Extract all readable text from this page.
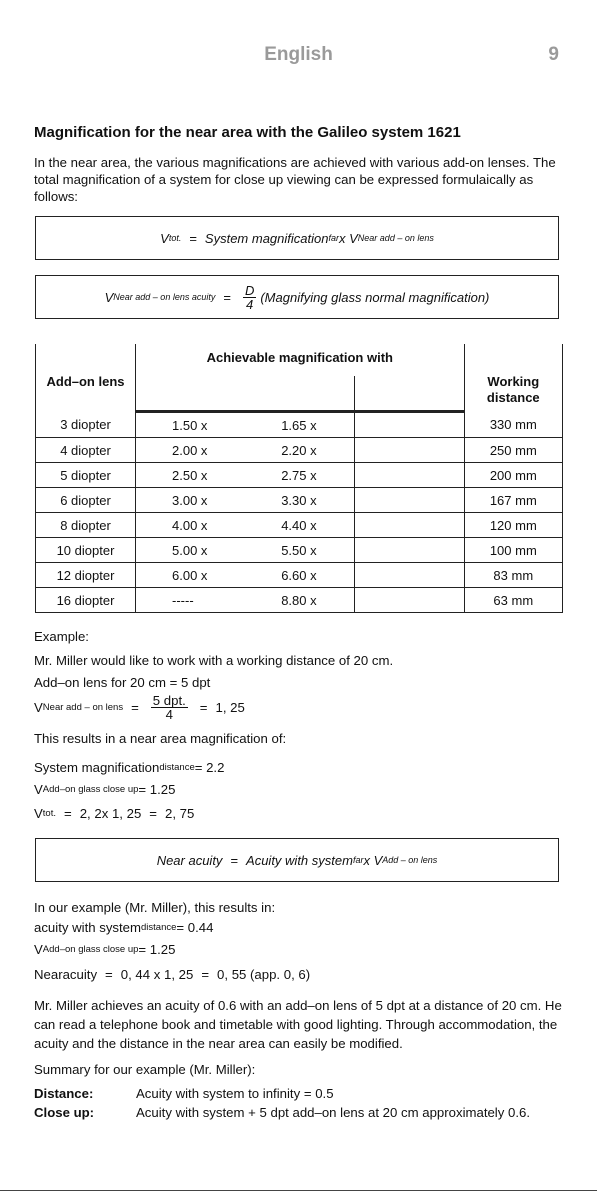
English	9
Magnification for the near area with the Galileo system 1621
In the near area, the various magnifications are achieved with various add-on lenses. The total magnification of a system for close up viewing can be expressed formulaically as follows:
V tot. = System magnification far x V Near add – on lens
V Near add – on lens acuity = $\frac{D}{4}$ (Magnifying glass normal magnification)
Add–on lens	Achievable magnification with			Working distance

3 diopter	1.50 x	1.65 x		330 mm
4 diopter	2.00 x	2.20 x		250 mm
5 diopter	2.50 x	2.75 x		200 mm
6 diopter	3.00 x	3.30 x		167 mm
8 diopter	4.00 x	4.40 x		120 mm
10 diopter	5.00 x	5.50 x		100 mm
12 diopter	6.00 x	6.60 x		83 mm
16 diopter	-----	8.80 x		63 mm
Example:
Mr. Miller would like to work with a working distance of 20 cm.
Add–on lens for 20 cm = 5 dpt
V Near add – on lens = $\frac{\text{5 dpt.}}{4} = 1$, 25
This results in a near area magnification of:
System magnification distance = 2.2
V Add–on glass close up = 1.25
V tot. = 2, 2x 1, 25 = 2, 75
Near acuity = Acuity with system far x V Add – on lens
In our example (Mr. Miller), this results in:
acuity with system distance = 0.44
V Add–on glass close up = 1.25
Nearacuity = 0, 44 x 1, 25 = 0, 55 (app. 0, 6)
Mr. Miller achieves an acuity of 0.6 with an add–on lens of 5 dpt at a distance of 20 cm. He can read a telephone book and timetable with good lighting. Through accommodation, the acuity and the distance in the near area can easily be modified.
Summary for our example (Mr. Miller):
Distance:	Acuity with system to infinity = 0.5
Close up:	Acuity with system + 5 dpt add–on lens at 20 cm approximately 0.6.
